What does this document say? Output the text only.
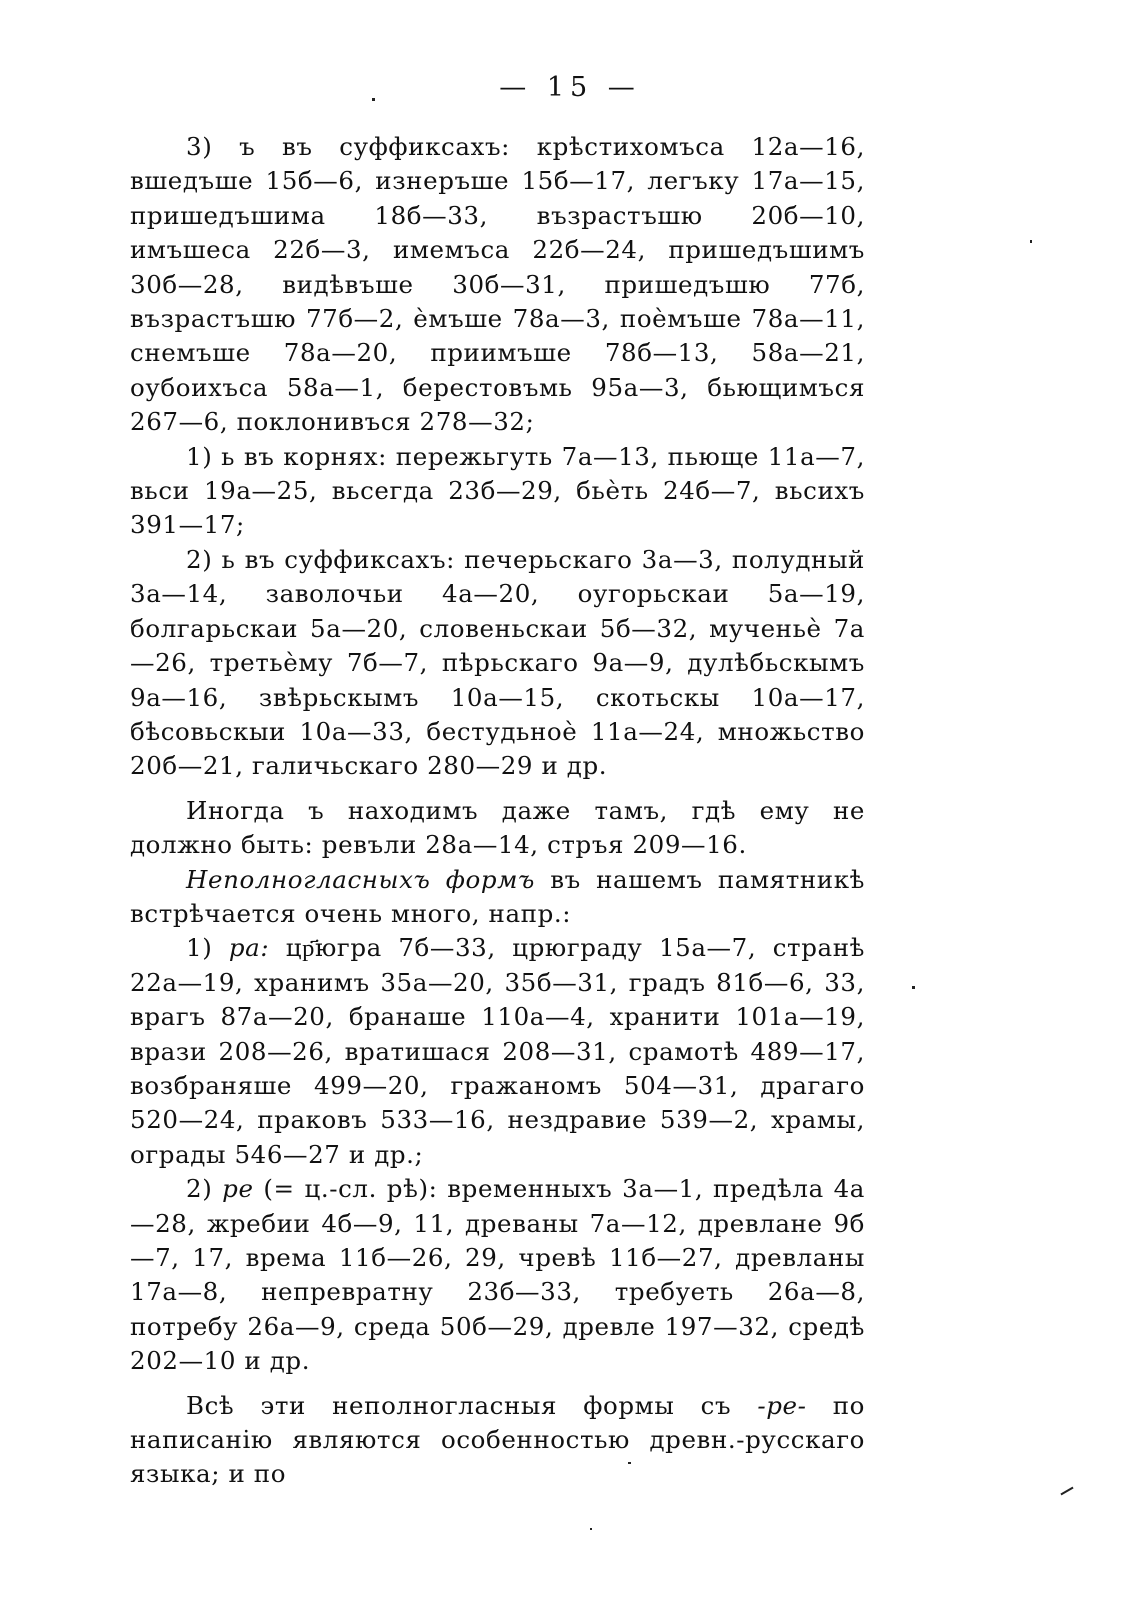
— 15 —

3) ъ въ суффиксахъ: крѣстихомъса 12а—16, вшедъше 15б—6, изнеръше 15б—17, легъку 17а—15, пришедъшима 18б—33, възрастъшю 20б—10, имъшеса 22б—3, имемъса 22б—24, пришедъшимъ 30б—28, видѣвъше 30б—31, пришедъшю 77б, възрастъшю 77б—2, ѐмъше 78а—3, поѐмъше 78а—11, снемъше 78а—20, приимъше 78б—13, 58а—21, оубоихъса 58а—1, берестовъмь 95а—3, бьющимъся 267—6, поклонивъся 278—32;

1) ь въ корнях: пережьгуть 7а—13, пьюще 11а—7, вьси 19а—25, вьсегда 23б—29, бьѐть 24б—7, вьсихъ 391—17;

2) ь въ суффиксахъ: печерьскаго 3а—3, полудный 3а—14, заволочьи 4а—20, оугорьскаи 5а—19, болгарьскаи 5а—20, словеньскаи 5б—32, мученьѐ 7а—26, третьѐму 7б—7, пѣрьскаго 9а—9, дулѣбьскымъ 9а—16, звѣрьскымъ 10а—15, скотьскы 10а—17, бѣсовьскыи 10а—33, бестудьноѐ 11а—24, множьство 20б—21, галичьскаго 280—29 и др.

Иногда ъ находимъ даже тамъ, гдѣ ему не должно быть: ревъли 28а—14, стръя 209—16.

Неполногласныхъ формъ въ нашемъ памятникѣ встрѣчается очень много, напр.:

1) ра: цр҃югра 7б—33, црюграду 15а—7, странѣ 22а—19, хранимъ 35а—20, 35б—31, градъ 81б—6, 33, врагъ 87а—20, бранаше 110а—4, хранити 101а—19, врази 208—26, вратишася 208—31, срамотѣ 489—17, возбраняше 499—20, гражаномъ 504—31, драгаго 520—24, праковъ 533—16, нездравие 539—2, храмы, ограды 546—27 и др.;

2) ре (= ц.-сл. рѣ): временныхъ 3а—1, предѣла 4а—28, жребии 4б—9, 11, древаны 7а—12, древлане 9б—7, 17, врема 11б—26, 29, чревѣ 11б—27, древланы 17а—8, непревратну 23б—33, требуеть 26а—8, потребу 26а—9, среда 50б—29, древле 197—32, средѣ 202—10 и др.

Всѣ эти неполногласныя формы съ -ре- по написанію являются особенностью древн.-русскаго языка; и по
